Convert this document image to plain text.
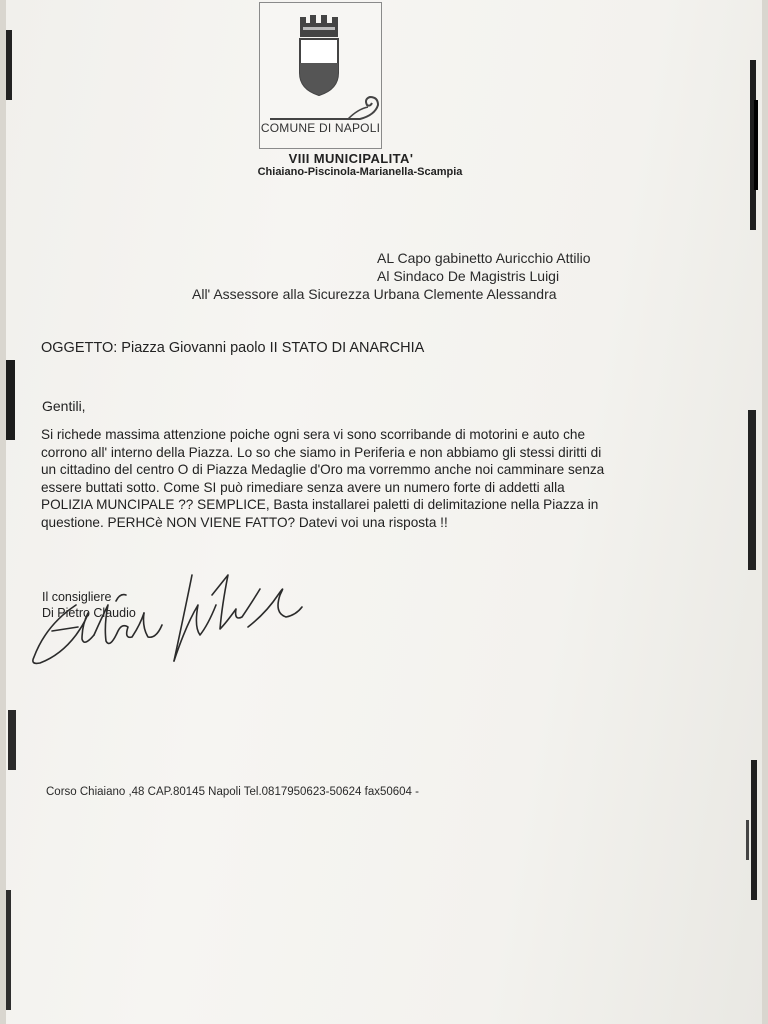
COMUNE DI NAPOLI
VIII MUNICIPALITA'
Chiaiano-Piscinola-Marianella-Scampia
AL Capo gabinetto Auricchio Attilio
Al Sindaco De Magistris Luigi
All' Assessore alla Sicurezza Urbana Clemente Alessandra
OGGETTO: Piazza Giovanni paolo II STATO DI ANARCHIA
Gentili,
Si richede massima attenzione poiche ogni sera vi sono scorribande di motorini e auto che
corrono all' interno della Piazza. Lo so che siamo in Periferia e non abbiamo gli stessi diritti di
un cittadino del centro O di Piazza Medaglie d'Oro ma vorremmo anche noi camminare senza
essere buttati sotto. Come SI può rimediare senza avere un numero forte di addetti alla
POLIZIA MUNCIPALE ?? SEMPLICE, Basta installarei paletti di delimitazione nella Piazza in
questione. PERHCè NON VIENE FATTO? Datevi voi una risposta !!
Il consigliere
Di Pietro Claudio
Corso Chiaiano ,48 CAP.80145 Napoli Tel.0817950623-50624 fax50604 -
